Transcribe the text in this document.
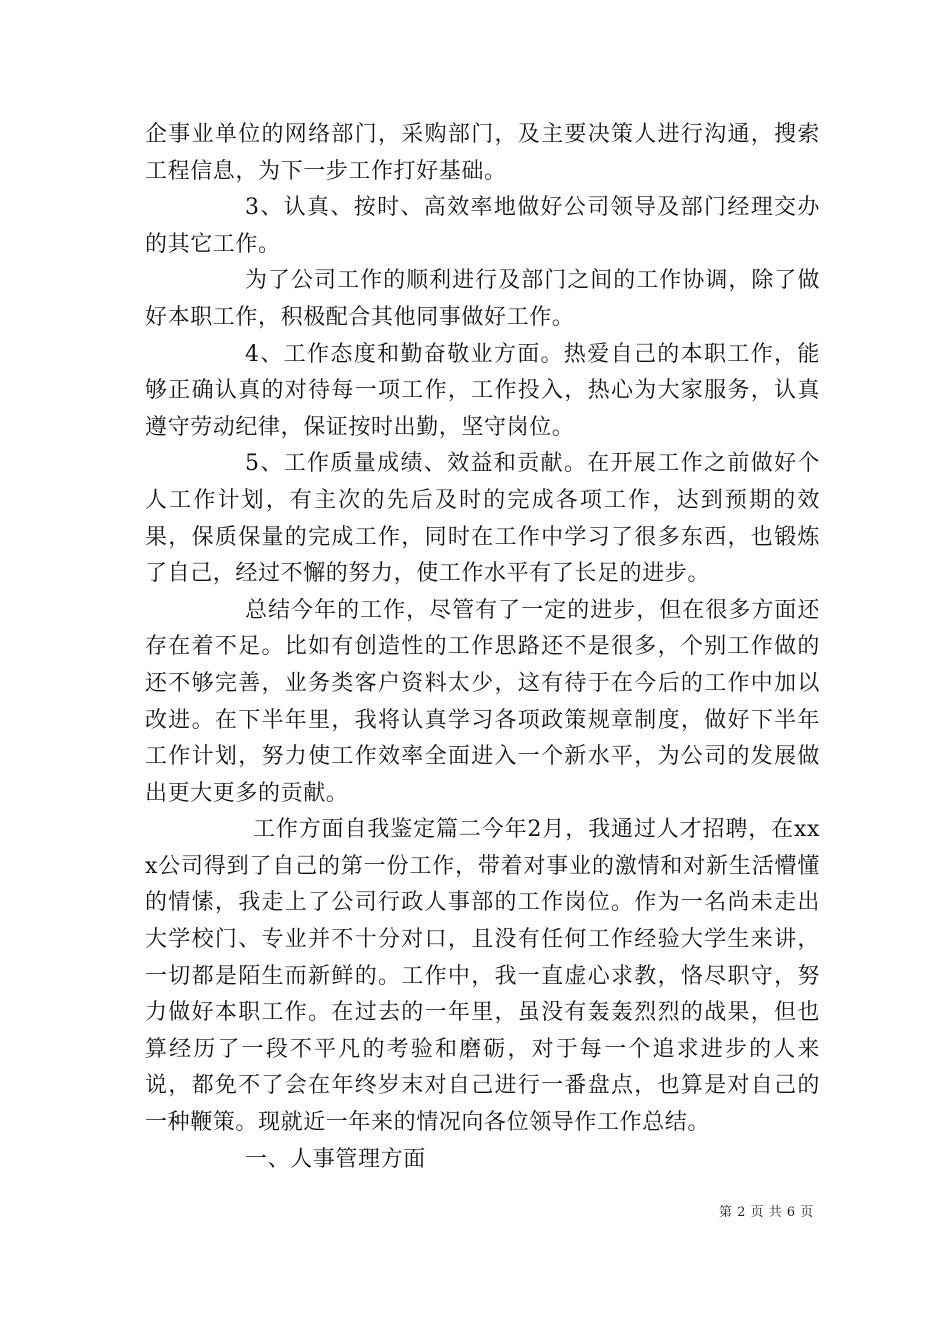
企事业单位的网络部门，采购部门，及主要决策人进行沟通，搜索工程信息，为下一步工作打好基础。

3、认真、按时、高效率地做好公司领导及部门经理交办的其它工作。

为了公司工作的顺利进行及部门之间的工作协调，除了做好本职工作，积极配合其他同事做好工作。

4、工作态度和勤奋敬业方面。热爱自己的本职工作，能够正确认真的对待每一项工作，工作投入，热心为大家服务，认真遵守劳动纪律，保证按时出勤，坚守岗位。

5、工作质量成绩、效益和贡献。在开展工作之前做好个人工作计划，有主次的先后及时的完成各项工作，达到预期的效果，保质保量的完成工作，同时在工作中学习了很多东西，也锻炼了自己，经过不懈的努力，使工作水平有了长足的进步。

总结今年的工作，尽管有了一定的进步，但在很多方面还存在着不足。比如有创造性的工作思路还不是很多，个别工作做的还不够完善，业务类客户资料太少，这有待于在今后的工作中加以改进。在下半年里，我将认真学习各项政策规章制度，做好下半年工作计划，努力使工作效率全面进入一个新水平，为公司的发展做出更大更多的贡献。

工作方面自我鉴定篇二今年2月，我通过人才招聘，在xxx公司得到了自己的第一份工作，带着对事业的激情和对新生活懵懂的情愫，我走上了公司行政人事部的工作岗位。作为一名尚未走出大学校门、专业并不十分对口，且没有任何工作经验大学生来讲，一切都是陌生而新鲜的。工作中，我一直虚心求教，恪尽职守，努力做好本职工作。在过去的一年里，虽没有轰轰烈烈的战果，但也算经历了一段不平凡的考验和磨砺，对于每一个追求进步的人来说，都免不了会在年终岁末对自己进行一番盘点，也算是对自己的一种鞭策。现就近一年来的情况向各位领导作工作总结。

一、人事管理方面

第 2 页 共 6 页
